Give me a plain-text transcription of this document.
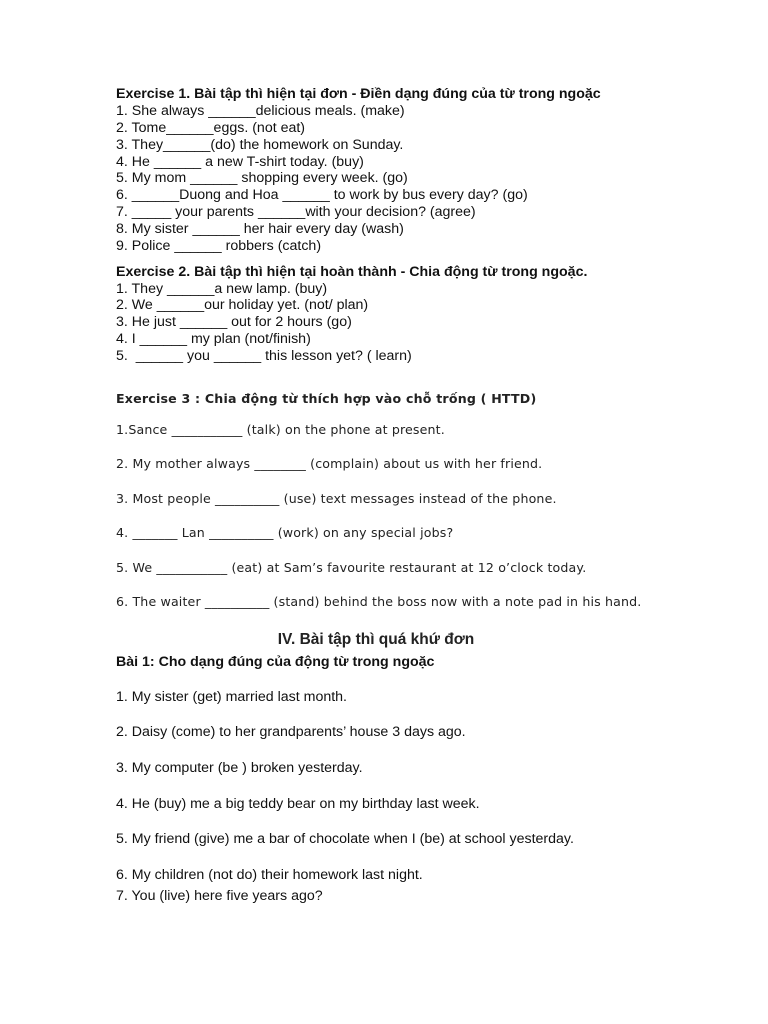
Exercise 1. Bài tập thì hiện tại đơn - Điền dạng đúng của từ trong ngoặc
1. She always ______delicious meals. (make)
2. Tome______eggs. (not eat)
3. They______(do) the homework on Sunday.
4. He ______ a new T-shirt today. (buy)
5. My mom ______ shopping every week. (go)
6. ______Duong and Hoa ______ to work by bus every day? (go)
7. _____ your parents ______with your decision? (agree)
8. My sister ______ her hair every day (wash)
9. Police ______ robbers (catch)
Exercise 2. Bài tập thì hiện tại hoàn thành - Chia động từ trong ngoặc.
1. They ______a new lamp. (buy)
2. We ______our holiday yet. (not/ plan)
3. He just ______ out for 2 hours (go)
4. I ______ my plan (not/finish)
5.  ______ you ______ this lesson yet? ( learn)
Exercise 3 : Chia động từ thích hợp vào chỗ trống ( HTTD)
1.Sance ___________ (talk) on the phone at present.
2. My mother always ________ (complain) about us with her friend.
3. Most people __________ (use) text messages instead of the phone.
4. _______ Lan __________ (work) on any special jobs?
5. We ___________ (eat) at Sam’s favourite restaurant at 12 o’clock today.
6. The waiter __________ (stand) behind the boss now with a note pad in his hand.
IV. Bài tập thì quá khứ đơn
Bài 1: Cho dạng đúng của động từ trong ngoặc
1. My sister (get) married last month.
2. Daisy (come) to her grandparents’ house 3 days ago.
3. My computer (be ) broken yesterday.
4. He (buy) me a big teddy bear on my birthday last week.
5. My friend (give) me a bar of chocolate when I (be) at school yesterday.
6. My children (not do) their homework last night.
7. You (live) here five years ago?
